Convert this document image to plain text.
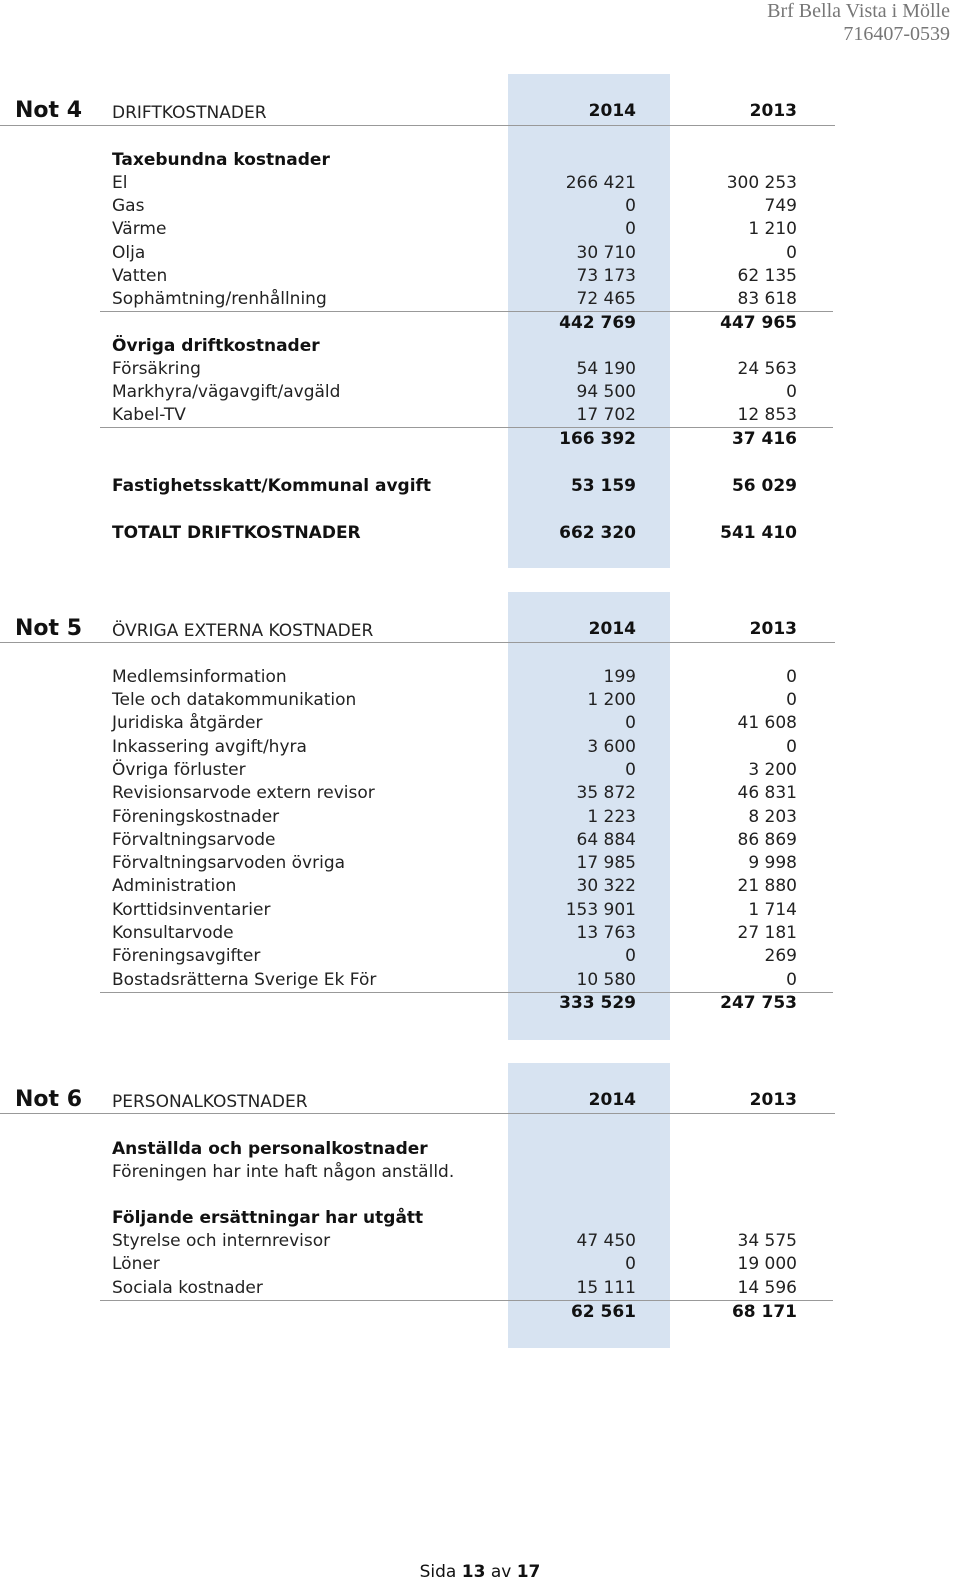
Brf Bella Vista i Mölle
716407-0539
Not 4 DRIFTKOSTNADER	2014	2013
Taxebundna kostnader
El	266 421	300 253
Gas	0	749
Värme	0	1 210
Olja	30 710	0
Vatten	73 173	62 135
Sophämtning/renhållning	72 465	83 618
442 769	447 965
Övriga driftkostnader
Försäkring	54 190	24 563
Markhyra/vägavgift/avgäld	94 500	0
Kabel-TV	17 702	12 853
166 392	37 416
Fastighetsskatt/Kommunal avgift	53 159	56 029
TOTALT DRIFTKOSTNADER	662 320	541 410
Not 5 ÖVRIGA EXTERNA KOSTNADER	2014	2013
Medlemsinformation	199	0
Tele och datakommunikation	1 200	0
Juridiska åtgärder	0	41 608
Inkassering avgift/hyra	3 600	0
Övriga förluster	0	3 200
Revisionsarvode extern revisor	35 872	46 831
Föreningskostnader	1 223	8 203
Förvaltningsarvode	64 884	86 869
Förvaltningsarvoden övriga	17 985	9 998
Administration	30 322	21 880
Korttidsinventarier	153 901	1 714
Konsultarvode	13 763	27 181
Föreningsavgifter	0	269
Bostadsrätterna Sverige Ek För	10 580	0
333 529	247 753
Not 6 PERSONALKOSTNADER	2014	2013
Anställda och personalkostnader
Föreningen har inte haft någon anställd.
Följande ersättningar har utgått
Styrelse och internrevisor	47 450	34 575
Löner	0	19 000
Sociala kostnader	15 111	14 596
62 561	68 171
Sida 13 av 17
